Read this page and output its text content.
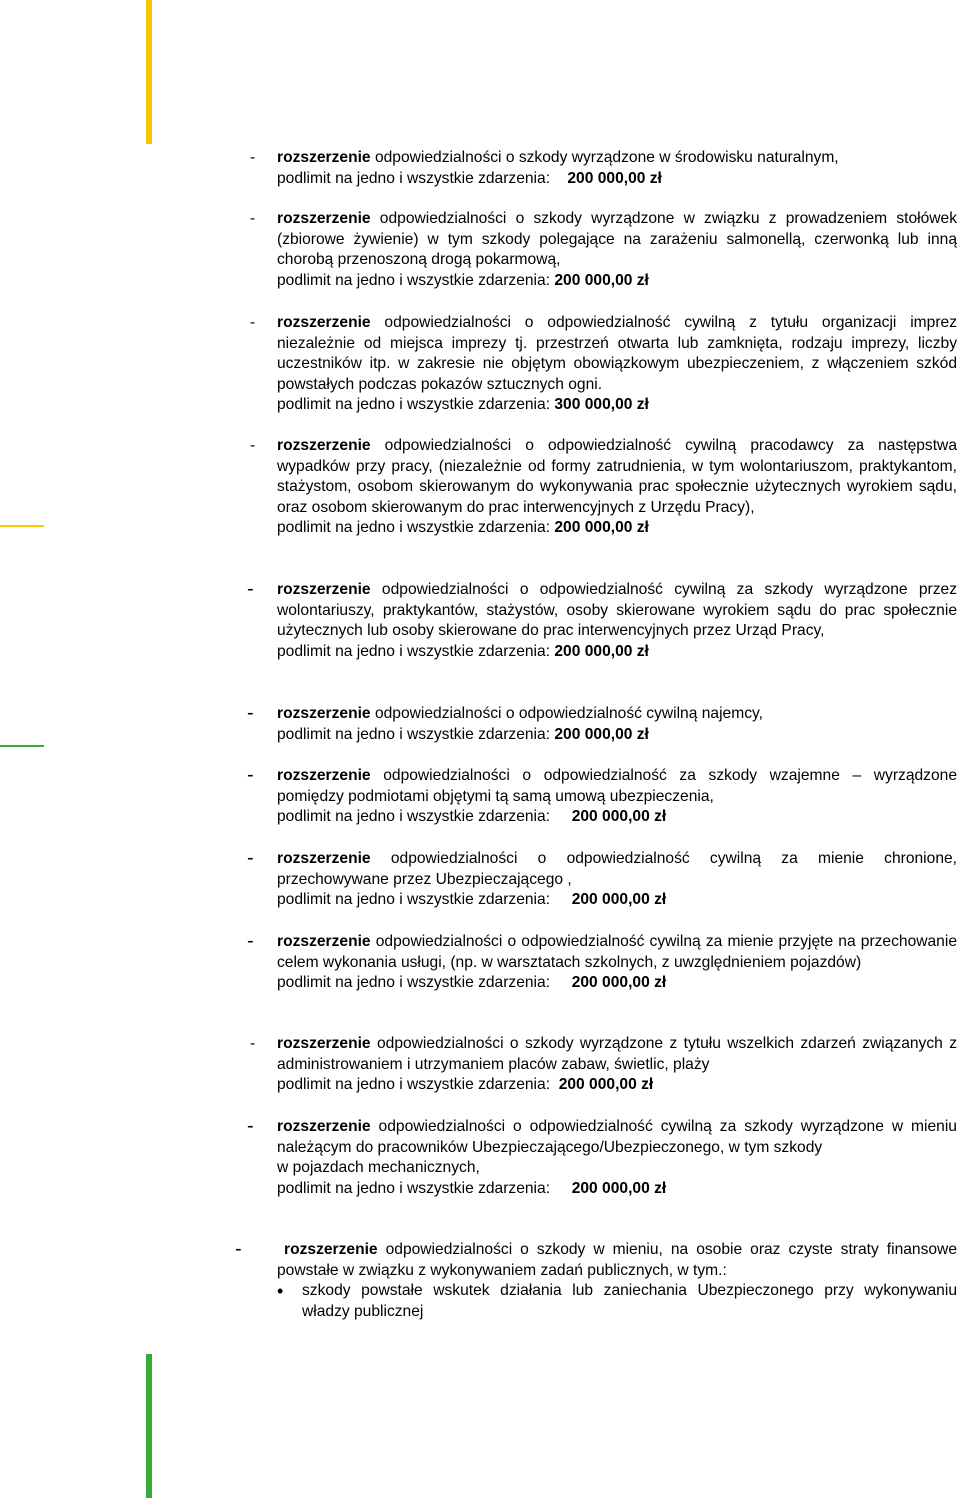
- rozszerzenie odpowiedzialności o szkody wyrządzone w środowisku naturalnym,
podlimit na jedno i wszystkie zdarzenia: 200 000,00 zł
- rozszerzenie odpowiedzialności o szkody wyrządzone w związku z prowadzeniem stołówek (zbiorowe żywienie) w tym szkody polegające na zarażeniu salmonellą, czerwonką lub inną chorobą przenoszoną drogą pokarmową,
podlimit na jedno i wszystkie zdarzenia: 200 000,00 zł
- rozszerzenie odpowiedzialności o odpowiedzialność cywilną z tytułu organizacji imprez niezależnie od miejsca imprezy tj. przestrzeń otwarta lub zamknięta, rodzaju imprezy, liczby uczestników itp. w zakresie nie objętym obowiązkowym ubezpieczeniem, z włączeniem szkód powstałych podczas pokazów sztucznych ogni.
podlimit na jedno i wszystkie zdarzenia: 300 000,00 zł
- rozszerzenie odpowiedzialności o odpowiedzialność cywilną pracodawcy za następstwa wypadków przy pracy, (niezależnie od formy zatrudnienia, w tym wolontariuszom, praktykantom, stażystom, osobom skierowanym do wykonywania prac społecznie użytecznych wyrokiem sądu, oraz osobom skierowanym do prac interwencyjnych z Urzędu Pracy),
podlimit na jedno i wszystkie zdarzenia: 200 000,00 zł
- rozszerzenie odpowiedzialności o odpowiedzialność cywilną za szkody wyrządzone przez wolontariuszy, praktykantów, stażystów, osoby skierowane wyrokiem sądu do prac społecznie użytecznych lub osoby skierowane do prac interwencyjnych przez Urząd Pracy,
podlimit na jedno i wszystkie zdarzenia: 200 000,00 zł
- rozszerzenie odpowiedzialności o odpowiedzialność cywilną najemcy,
podlimit na jedno i wszystkie zdarzenia: 200 000,00 zł
- rozszerzenie odpowiedzialności o odpowiedzialność za szkody wzajemne – wyrządzone pomiędzy podmiotami objętymi tą samą umową ubezpieczenia,
podlimit na jedno i wszystkie zdarzenia: 200 000,00 zł
- rozszerzenie odpowiedzialności o odpowiedzialność cywilną za mienie chronione, przechowywane przez Ubezpieczającego ,
podlimit na jedno i wszystkie zdarzenia: 200 000,00 zł
- rozszerzenie odpowiedzialności o odpowiedzialność cywilną za mienie przyjęte na przechowanie celem wykonania usługi, (np. w warsztatach szkolnych, z uwzględnieniem pojazdów)
podlimit na jedno i wszystkie zdarzenia: 200 000,00 zł
- rozszerzenie odpowiedzialności o szkody wyrządzone z tytułu wszelkich zdarzeń związanych z administrowaniem i utrzymaniem placów zabaw, świetlic, plaży
podlimit na jedno i wszystkie zdarzenia: 200 000,00 zł
- rozszerzenie odpowiedzialności o odpowiedzialność cywilną za szkody wyrządzone w mieniu należącym do pracowników Ubezpieczającego/Ubezpieczonego, w tym szkody
w pojazdach mechanicznych,
podlimit na jedno i wszystkie zdarzenia: 200 000,00 zł
-	rozszerzenie odpowiedzialności o szkody w mieniu, na osobie oraz czyste straty finansowe powstałe w związku z wykonywaniem zadań publicznych, w tym.:
• szkody powstałe wskutek działania lub zaniechania Ubezpieczonego przy wykonywaniu władzy publicznej
